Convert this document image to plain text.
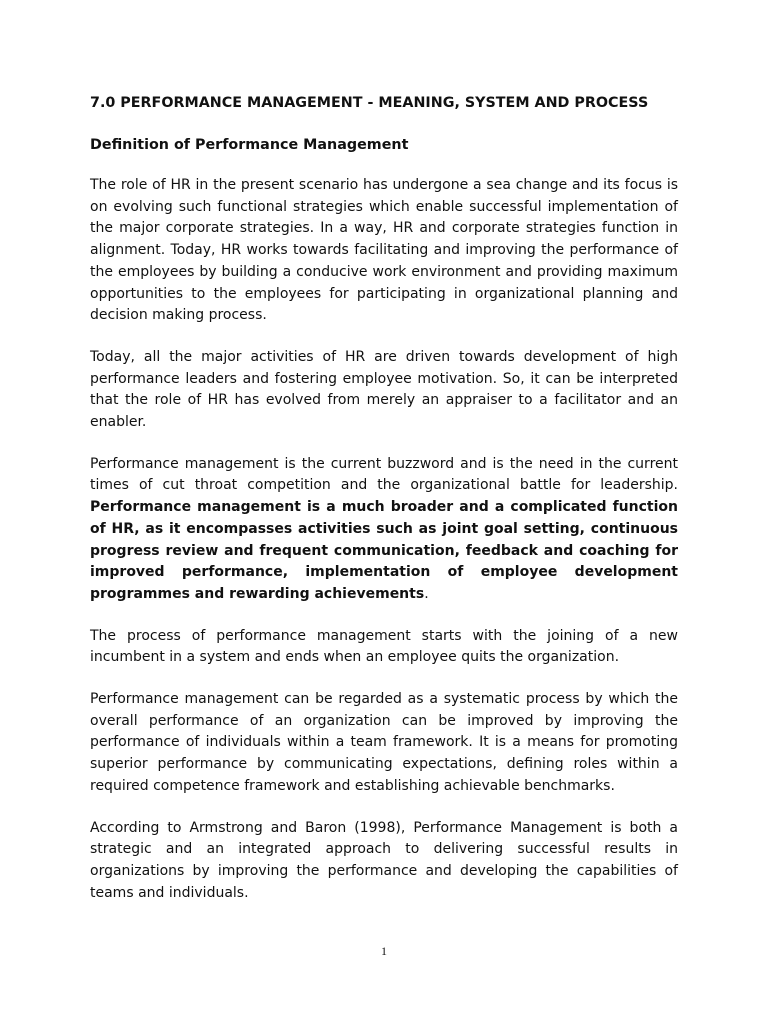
7.0 PERFORMANCE MANAGEMENT - MEANING, SYSTEM AND PROCESS
Definition of Performance Management

The role of HR in the present scenario has undergone a sea change and its focus is on evolving such functional strategies which enable successful implementation of the major corporate strategies. In a way, HR and corporate strategies function in alignment. Today, HR works towards facilitating and improving the performance of the employees by building a conducive work environment and providing maximum opportunities to the employees for participating in organizational planning and decision making process.

Today, all the major activities of HR are driven towards development of high performance leaders and fostering employee motivation. So, it can be interpreted that the role of HR has evolved from merely an appraiser to a facilitator and an enabler.

Performance management is the current buzzword and is the need in the current times of cut throat competition and the organizational battle for leadership. Performance management is a much broader and a complicated function of HR, as it encompasses activities such as joint goal setting, continuous progress review and frequent communication, feedback and coaching for improved performance, implementation of employee development programmes and rewarding achievements.

The process of performance management starts with the joining of a new incumbent in a system and ends when an employee quits the organization.

Performance management can be regarded as a systematic process by which the overall performance of an organization can be improved by improving the performance of individuals within a team framework. It is a means for promoting superior performance by communicating expectations, defining roles within a required competence framework and establishing achievable benchmarks.

According to Armstrong and Baron (1998), Performance Management is both a strategic and an integrated approach to delivering successful results in organizations by improving the performance and developing the capabilities of teams and individuals.

1
